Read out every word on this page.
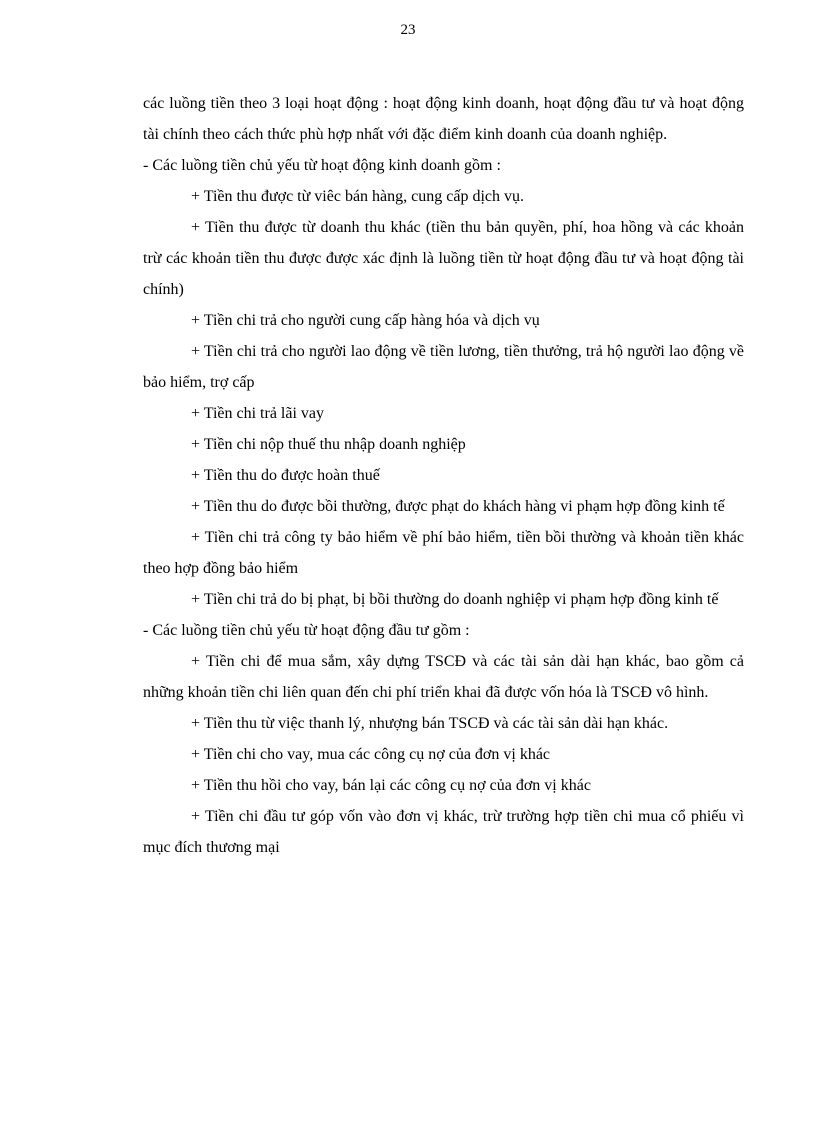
23

các luồng tiền theo 3 loại hoạt động : hoạt động kinh doanh, hoạt động đầu tư và hoạt động tài chính theo cách thức phù hợp nhất với đặc điểm kinh doanh của doanh nghiệp.

- Các luồng tiền chủ yếu từ hoạt động kinh doanh gồm :

+ Tiền thu được từ viêc bán hàng, cung cấp dịch vụ.

+ Tiền thu được từ doanh thu khác (tiền thu bản quyền, phí, hoa hồng và các khoản trừ các khoản tiền thu được được xác định là luồng tiền từ hoạt động đầu tư và hoạt động tài chính)

+ Tiền chi trả cho người cung cấp hàng hóa và dịch vụ

+ Tiền chi trả cho người lao động về tiền lương, tiền thưởng, trả hộ người lao động về bảo hiểm, trợ cấp

+ Tiền chi trả lãi vay

+ Tiền chi nộp thuế thu nhập doanh nghiệp

+ Tiền thu do được hoàn thuế

+ Tiền thu do được bồi thường, được phạt do khách hàng vi phạm hợp đồng kinh tế

+ Tiền chi trả công ty bảo hiểm về phí bảo hiểm, tiền bồi thường và khoản tiền khác theo hợp đồng bảo hiểm

+ Tiền chi trả do bị phạt, bị bồi thường do doanh nghiệp vi phạm hợp đồng kinh tế

- Các luồng tiền chủ yếu từ hoạt động đầu tư gồm :

+ Tiền chi để mua sắm, xây dựng TSCĐ và các tài sản dài hạn khác, bao gồm cả những khoản tiền chi liên quan đến chi phí triển khai đã được vốn hóa là TSCĐ vô hình.

+ Tiền thu từ việc thanh lý, nhượng bán TSCĐ và các tài sản dài hạn khác.

+ Tiền chi cho vay, mua các công cụ nợ của đơn vị khác

+ Tiền thu hồi cho vay, bán lại các công cụ nợ của đơn vị khác

+ Tiền chi đầu tư góp vốn vào đơn vị khác, trừ trường hợp tiền chi mua cổ phiếu vì mục đích thương mại
